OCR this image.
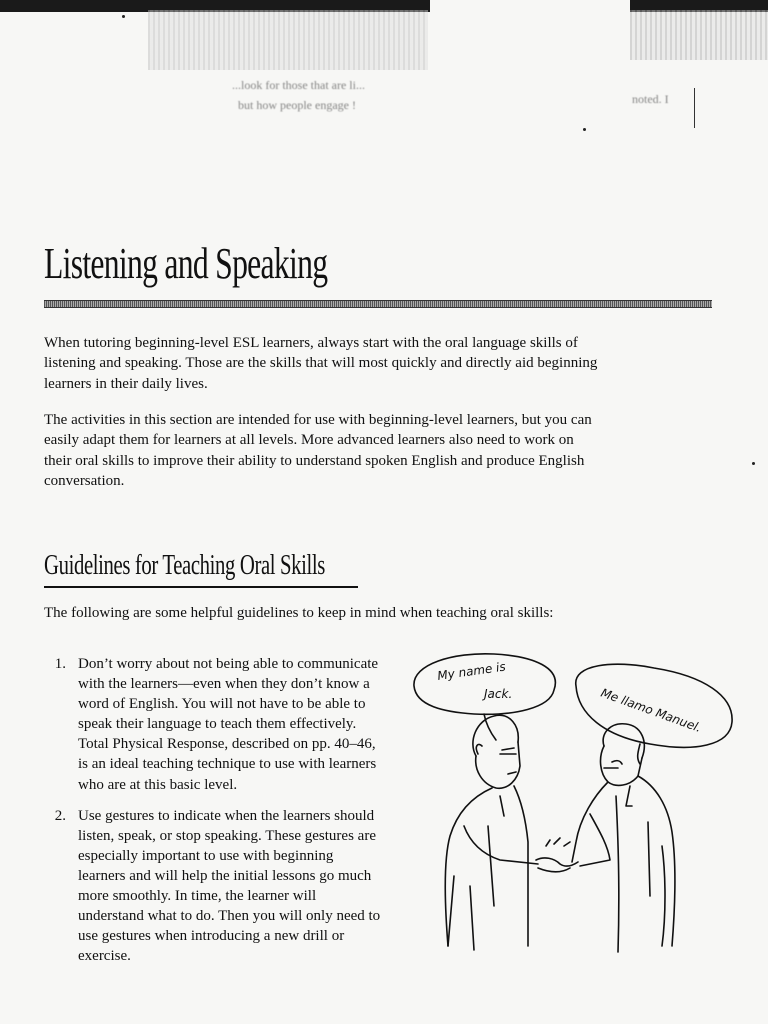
...look for those that are li...
but how people engage !	noted. I
Listening and Speaking

When tutoring beginning-level ESL learners, always start with the oral language skills of listening and speaking. Those are the skills that will most quickly and directly aid beginning learners in their daily lives.

The activities in this section are intended for use with beginning-level learners, but you can easily adapt them for learners at all levels. More advanced learners also need to work on their oral skills to improve their ability to understand spoken English and produce English conversation.

Guidelines for Teaching Oral Skills

The following are some helpful guidelines to keep in mind when teaching oral skills:

1. Don’t worry about not being able to communicate with the learners—even when they don’t know a word of English. You will not have to be able to speak their language to teach them effectively. Total Physical Response, described on pp. 40–46, is an ideal teaching technique to use with learners who are at this basic level.
2. Use gestures to indicate when the learners should listen, speak, or stop speaking. These gestures are especially important to use with beginning learners and will help the initial lessons go much more smoothly. In time, the learner will understand what to do. Then you will only need to use gestures when introducing a new drill or exercise.
My name is
Jack.	Me llamo Manuel.
